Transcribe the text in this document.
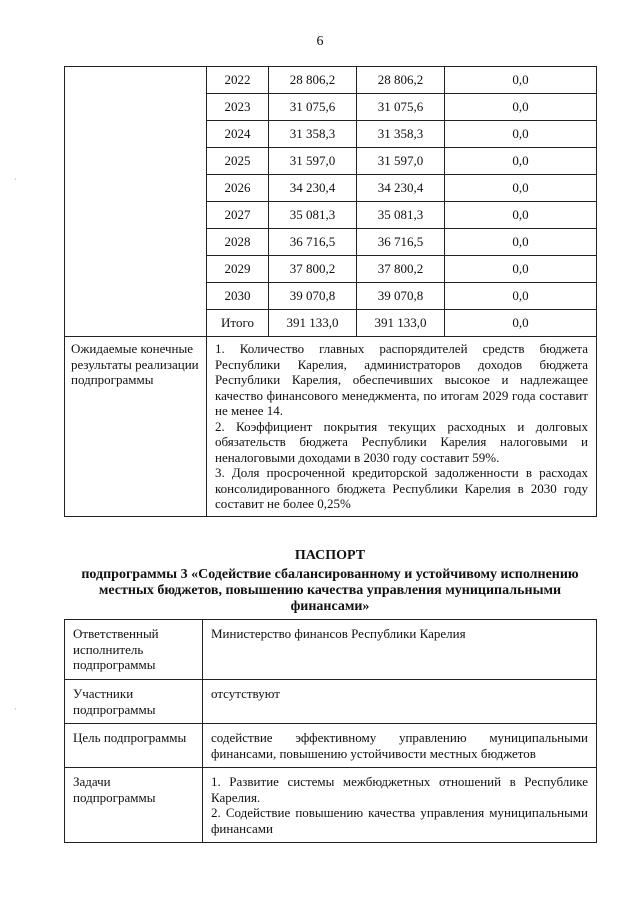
6
·
·
	2022	28 806,2	28 806,2	0,0
	2023	31 075,6	31 075,6	0,0
	2024	31 358,3	31 358,3	0,0
	2025	31 597,0	31 597,0	0,0
	2026	34 230,4	34 230,4	0,0
	2027	35 081,3	35 081,3	0,0
	2028	36 716,5	36 716,5	0,0
	2029	37 800,2	37 800,2	0,0
	2030	39 070,8	39 070,8	0,0
	Итого	391 133,0	391 133,0	0,0
Ожидаемые конечные результаты реализации подпрограммы	1. Количество главных распорядителей средств бюджета Республики Карелия, администраторов доходов бюджета Республики Карелия, обеспечивших высокое и надлежащее качество финансового менеджмента, по итогам 2029 года составит не менее 14.

2. Коэффициент покрытия текущих расходных и долговых обязательств бюджета Республики Карелия налоговыми и неналоговыми доходами в 2030 году составит 59%.

3. Доля просроченной кредиторской задолженности в расходах консолидированного бюджета Республики Карелия в 2030 году составит не более 0,25%			

ПАСПОРТ
подпрограммы 3 «Содействие сбалансированному и устойчивому исполнению местных бюджетов, повышению качества управления муниципальными финансами»
Ответственный исполнитель подпрограммы	Министерство финансов Республики Карелия

Участники подпрограммы	отсутствуют

Цель подпрограммы	содействие эффективному управлению муниципальными финансами, повышению устойчивости местных бюджетов

Задачи подпрограммы	1. Развитие системы межбюджетных отношений в Республике Карелия.

2. Содействие повышению качества управления муниципальными финансами
